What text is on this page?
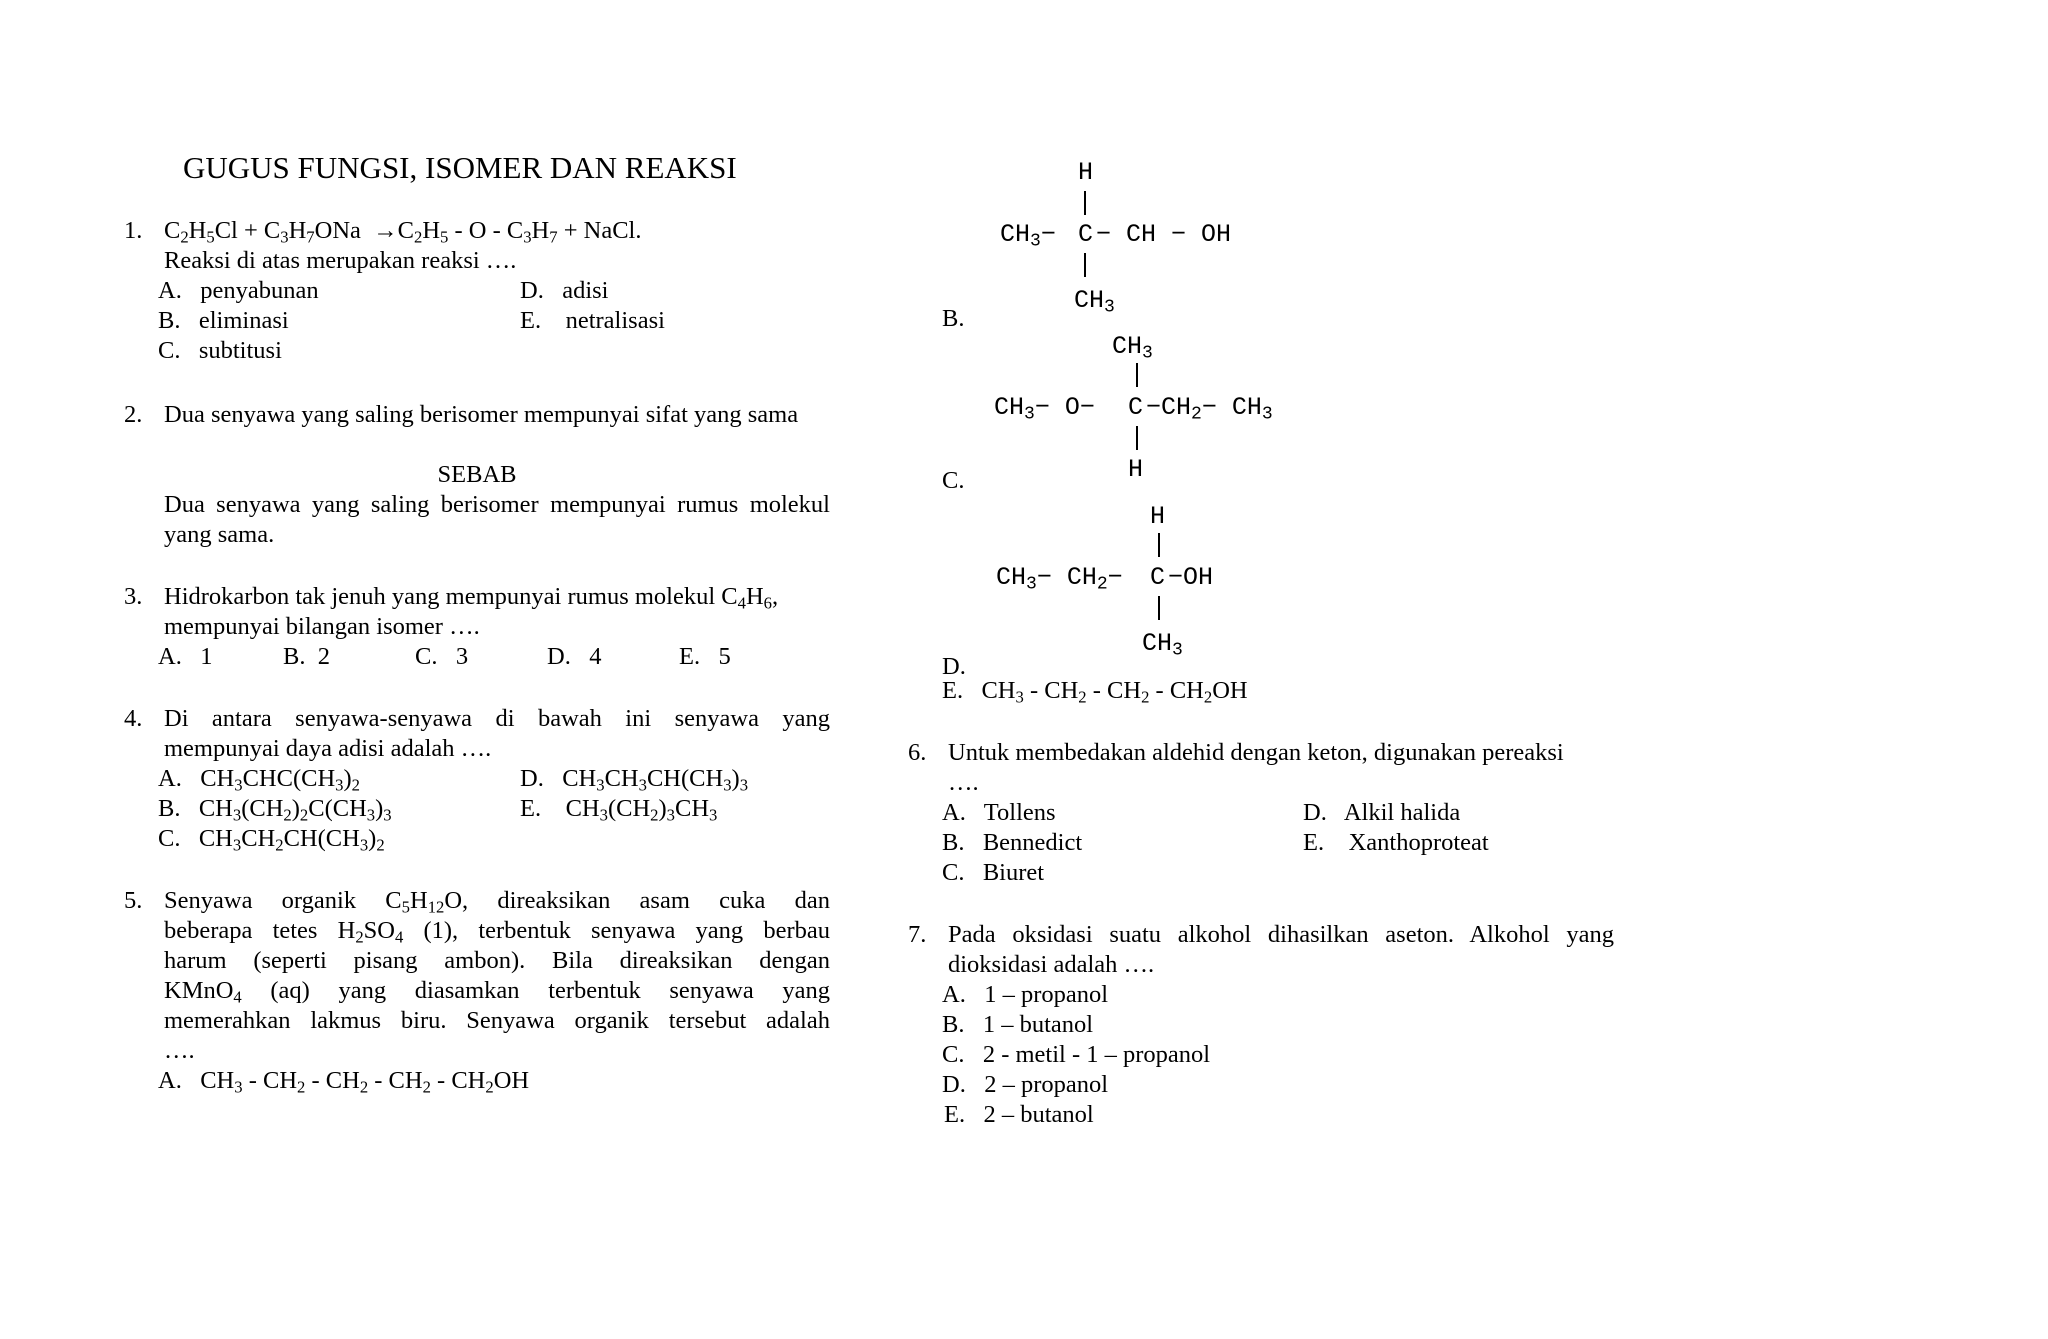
GUGUS FUNGSI, ISOMER DAN REAKSI
1. $C_2H_5Cl + C_3H_7ONa \to C_2H_5 - O - C_3H_7$ + NaCl.
Reaksi di atas merupakan reaksi ….
A. penyabunan
B. eliminasi
C. subtitusi
D. adisi
E. netralisasi
2. Dua senyawa yang saling berisomer mempunyai sifat yang sama
SEBAB
Dua senyawa yang saling berisomer mempunyai rumus molekul yang sama.
3. Hidrokarbon tak jenuh yang mempunyai rumus molekul $C_4H_6$,
mempunyai bilangan isomer ….
A. 1	B. 2	C. 3	D. 4	E. 5
4. Di antara senyawa-senyawa di bawah ini senyawa yang
mempunyai daya adisi adalah ….
A. $CH_3CHC(CH_3)_2$
B. $CH_3(CH_2)_2C(CH_3)_3$
C. $CH_3CH_2CH(CH_3)_2$
D. $CH_3CH_3CH(CH_3)_3$
E. $CH_3(CH_2)_3CH_3$
5. Senyawa organik $C_5H_{12}O$, direaksikan asam cuka dan
beberapa tetes $H_2SO_4$ (1), terbentuk senyawa yang berbau
harum (seperti pisang ambon). Bila direaksikan dengan
KMnO$_4$ (aq) yang diasamkan terbentuk senyawa yang
memerahkan lakmus biru. Senyawa organik tersebut adalah
….
A. $CH_3 - CH_2 - CH_2 - CH_2 - CH_2OH$
H
$CH_3- C$ − CH − OH
$CH_3$
B.
$CH_3$
$CH_3- O- C -CH_2- CH_3$
H
C.
H
$CH_3- CH_2- C -OH$
$CH_3$
D.
E. $CH_3 - CH_2 - CH_2 - CH_2OH$
6. Untuk membedakan aldehid dengan keton, digunakan pereaksi
….
A. Tollens
B. Bennedict
C. Biuret
D. Alkil halida
E. Xanthoproteat
7. Pada oksidasi suatu alkohol dihasilkan aseton. Alkohol yang
dioksidasi adalah ….
A. 1 – propanol
B. 1 – butanol
C. 2 - metil - 1 – propanol
D. 2 – propanol
E. 2 – butanol
